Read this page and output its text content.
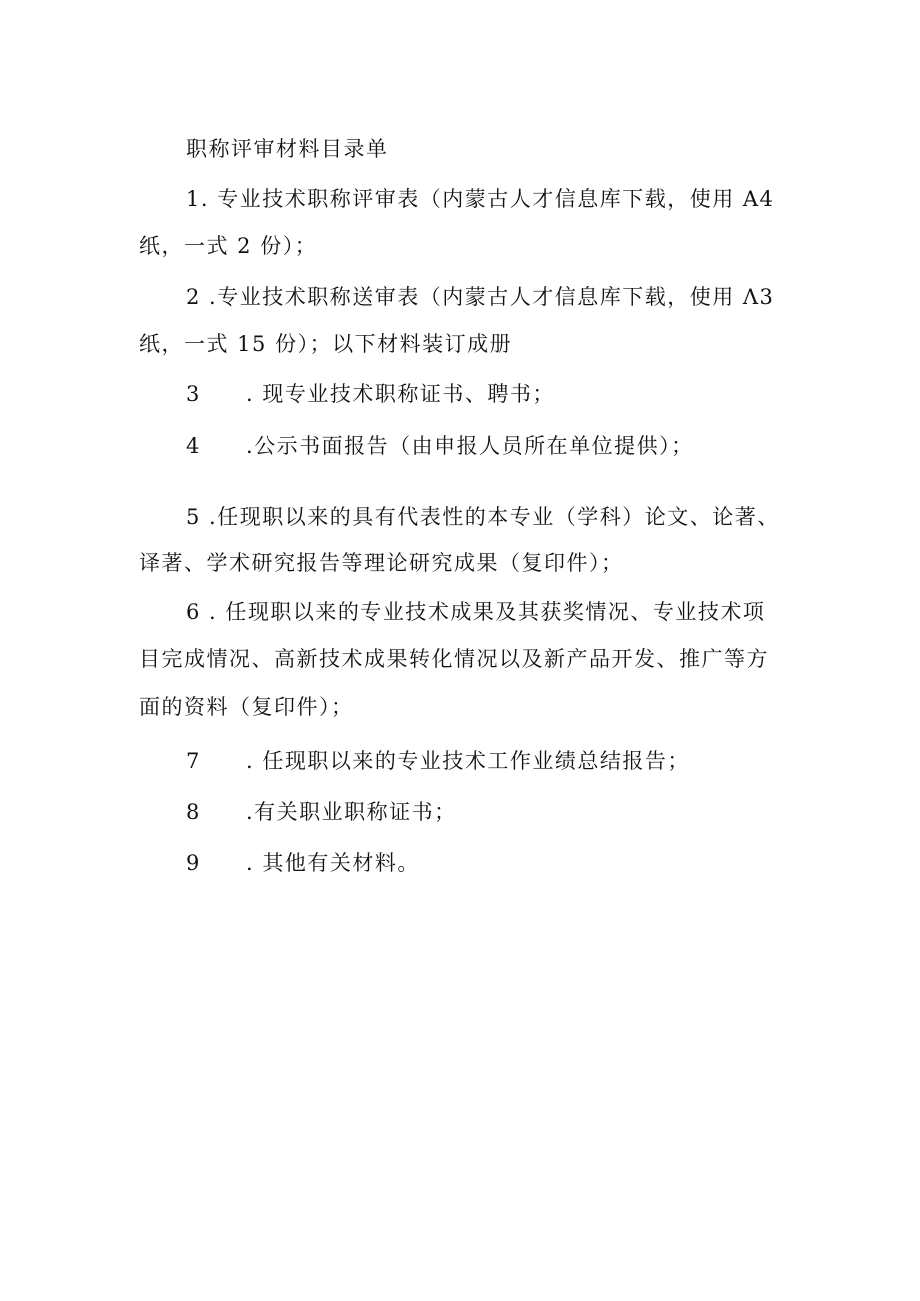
职称评审材料目录单
1. 专业技术职称评审表（内蒙古人才信息库下载，使用 A4
纸，一式 2 份）；
2 .专业技术职称送审表（内蒙古人才信息库下载，使用 Λ3
纸，一式 15 份）；以下材料装订成册
3 . 现专业技术职称证书、聘书；
4 .公示书面报告（由申报人员所在单位提供）；
5 .任现职以来的具有代表性的本专业（学科）论文、论著、
译著、学术研究报告等理论研究成果（复印件）；
6 . 任现职以来的专业技术成果及其获奖情况、专业技术项
目完成情况、高新技术成果转化情况以及新产品开发、推广等方
面的资料（复印件）；
7 . 任现职以来的专业技术工作业绩总结报告；
8 .有关职业职称证书；
9 . 其他有关材料。
